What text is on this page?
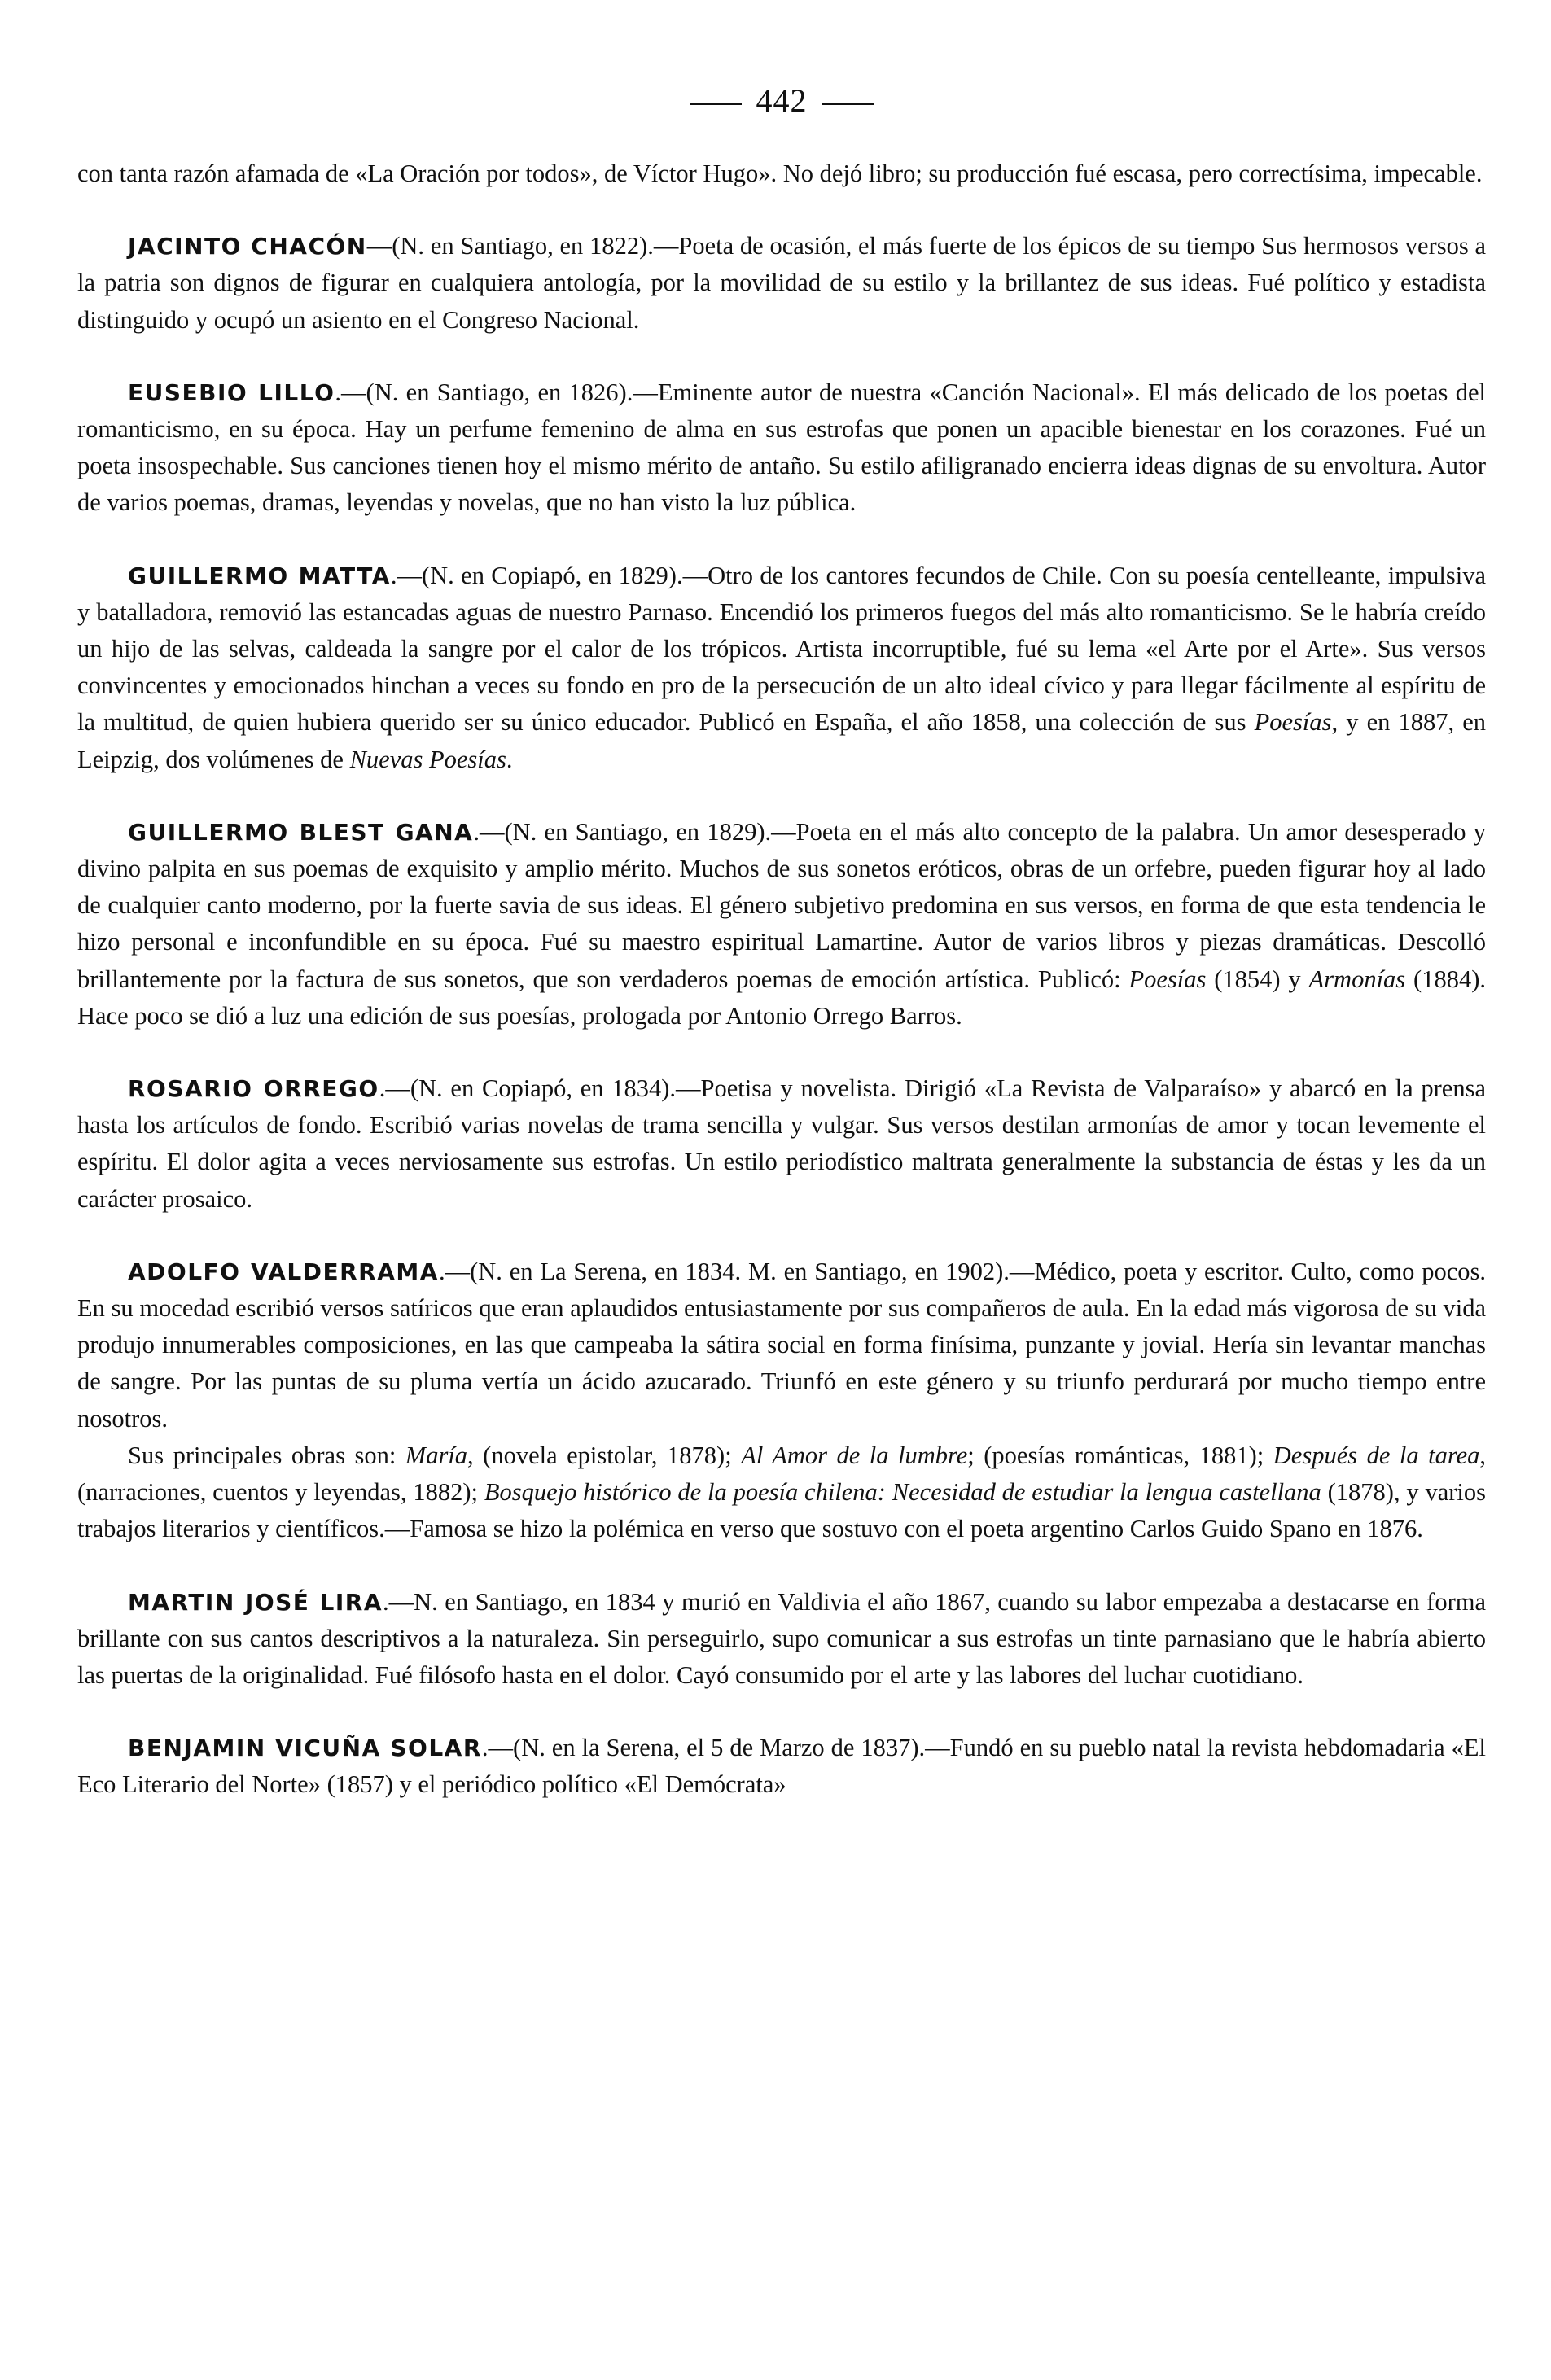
442

con tanta razón afamada de «La Oración por todos», de Víctor Hugo». No dejó libro; su producción fué escasa, pero correctísima, impecable.

JACINTO CHACÓN—(N. en Santiago, en 1822).—Poeta de ocasión, el más fuerte de los épicos de su tiempo Sus hermosos versos a la patria son dignos de figurar en cualquiera antología, por la movilidad de su estilo y la brillantez de sus ideas. Fué político y estadista distinguido y ocupó un asiento en el Congreso Nacional.

EUSEBIO LILLO.—(N. en Santiago, en 1826).—Eminente autor de nuestra «Canción Nacional». El más delicado de los poetas del romanticismo, en su época. Hay un perfume femenino de alma en sus estrofas que ponen un apacible bienestar en los corazones. Fué un poeta insospechable. Sus canciones tienen hoy el mismo mérito de antaño. Su estilo afiligranado encierra ideas dignas de su envoltura. Autor de varios poemas, dramas, leyendas y novelas, que no han visto la luz pública.

GUILLERMO MATTA.—(N. en Copiapó, en 1829).—Otro de los cantores fecundos de Chile. Con su poesía centelleante, impulsiva y batalladora, removió las estancadas aguas de nuestro Parnaso. Encendió los primeros fuegos del más alto romanticismo. Se le habría creído un hijo de las selvas, caldeada la sangre por el calor de los trópicos. Artista incorruptible, fué su lema «el Arte por el Arte». Sus versos convincentes y emocionados hinchan a veces su fondo en pro de la persecución de un alto ideal cívico y para llegar fácilmente al espíritu de la multitud, de quien hubiera querido ser su único educador. Publicó en España, el año 1858, una colección de sus Poesías, y en 1887, en Leipzig, dos volúmenes de Nuevas Poesías.

GUILLERMO BLEST GANA.—(N. en Santiago, en 1829).—Poeta en el más alto concepto de la palabra. Un amor desesperado y divino palpita en sus poemas de exquisito y amplio mérito. Muchos de sus sonetos eróticos, obras de un orfebre, pueden figurar hoy al lado de cualquier canto moderno, por la fuerte savia de sus ideas. El género subjetivo predomina en sus versos, en forma de que esta tendencia le hizo personal e inconfundible en su época. Fué su maestro espiritual Lamartine. Autor de varios libros y piezas dramáticas. Descolló brillantemente por la factura de sus sonetos, que son verdaderos poemas de emoción artística. Publicó: Poesías (1854) y Armonías (1884). Hace poco se dió a luz una edición de sus poesías, prologada por Antonio Orrego Barros.

ROSARIO ORREGO.—(N. en Copiapó, en 1834).—Poetisa y novelista. Dirigió «La Revista de Valparaíso» y abarcó en la prensa hasta los artículos de fondo. Escribió varias novelas de trama sencilla y vulgar. Sus versos destilan armonías de amor y tocan levemente el espíritu. El dolor agita a veces nerviosamente sus estrofas. Un estilo periodístico maltrata generalmente la substancia de éstas y les da un carácter prosaico.

ADOLFO VALDERRAMA.—(N. en La Serena, en 1834. M. en Santiago, en 1902).—Médico, poeta y escritor. Culto, como pocos. En su mocedad escribió versos satíricos que eran aplaudidos entusiastamente por sus compañeros de aula. En la edad más vigorosa de su vida produjo innumerables composiciones, en las que campeaba la sátira social en forma finísima, punzante y jovial. Hería sin levantar manchas de sangre. Por las puntas de su pluma vertía un ácido azucarado. Triunfó en este género y su triunfo perdurará por mucho tiempo entre nosotros.

Sus principales obras son: María, (novela epistolar, 1878); Al Amor de la lumbre; (poesías románticas, 1881); Después de la tarea, (narraciones, cuentos y leyendas, 1882); Bosquejo histórico de la poesía chilena: Necesidad de estudiar la lengua castellana (1878), y varios trabajos literarios y científicos.—Famosa se hizo la polémica en verso que sostuvo con el poeta argentino Carlos Guido Spano en 1876.

MARTIN JOSÉ LIRA.—N. en Santiago, en 1834 y murió en Valdivia el año 1867, cuando su labor empezaba a destacarse en forma brillante con sus cantos descriptivos a la naturaleza. Sin perseguirlo, supo comunicar a sus estrofas un tinte parnasiano que le habría abierto las puertas de la originalidad. Fué filósofo hasta en el dolor. Cayó consumido por el arte y las labores del luchar cuotidiano.

BENJAMIN VICUÑA SOLAR.—(N. en la Serena, el 5 de Marzo de 1837).—Fundó en su pueblo natal la revista hebdomadaria «El Eco Literario del Norte» (1857) y el periódico político «El Demócrata»
